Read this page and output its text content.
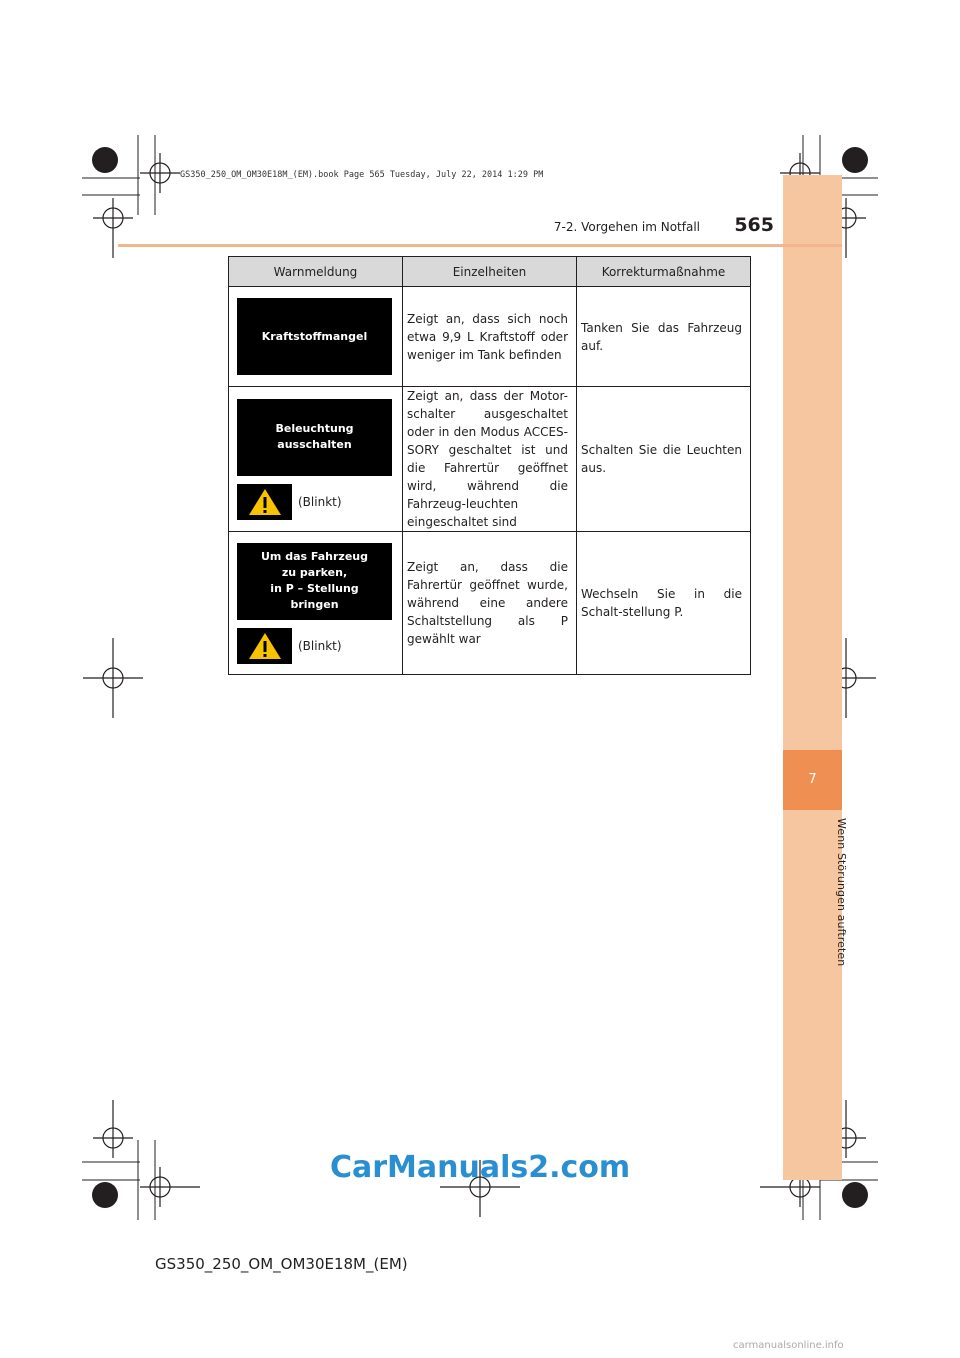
7
Wenn Störungen auftreten
GS350_250_OM_OM30E18M_(EM).book Page 565 Tuesday, July 22, 2014 1:29 PM
7-2. Vorgehen im Notfall 565
Warnmeldung	Einzelheiten	Korrekturmaßnahme

Kraftstoffmangel	Zeigt an, dass sich noch etwa 9,9 L Kraftstoff oder weniger im Tank befinden	Tanken Sie das Fahrzeug auf.

Beleuchtung
ausschalten
(Blinkt)	Zeigt an, dass der Motor-schalter ausgeschaltet oder in den Modus ACCES-SORY geschaltet ist und die Fahrertür geöffnet wird, während die Fahrzeug-leuchten eingeschaltet sind	Schalten Sie die Leuchten aus.

Um das Fahrzeug
zu parken,
in P – Stellung
bringen
(Blinkt)	Zeigt an, dass die Fahrertür geöffnet wurde, während eine andere Schaltstellung als P gewählt war	Wechseln Sie in die Schalt-stellung P.
CarManuals2.com
GS350_250_OM_OM30E18M_(EM)
carmanualsonline.info
